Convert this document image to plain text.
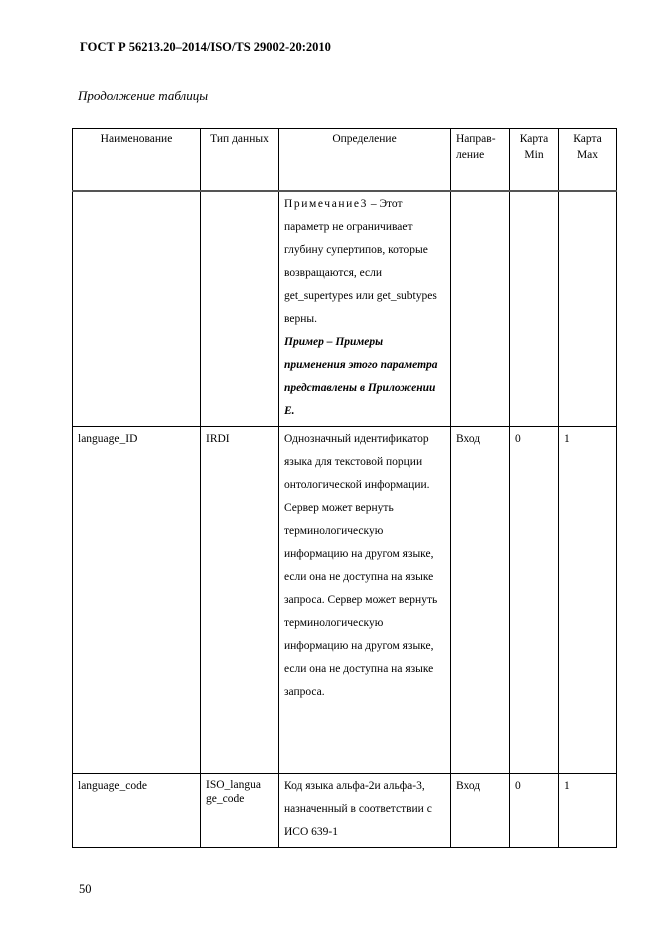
ГОСТ Р 56213.20–2014/ISO/TS 29002-20:2010
Продолжение таблицы
Наименование	Тип данных	Определение	Направ-ление	Карта Min	Карта Max
		Примечание3 – Этот параметр не ограничивает глубину супертипов, которые возвращаются, если get_supertypes или get_subtypes верны.
Пример – Примеры применения этого параметра представлены в Приложении Е.			

language_ID	IRDI	Однозначный идентификатор языка для текстовой порции онтологической информации. Сервер может вернуть терминологическую информацию на другом языке, если она не доступна на языке запроса. Сервер может вернуть терминологическую информацию на другом языке, если она не доступна на языке запроса.	Вход	0	1
language_code	ISO_langua ge_code	Код языка альфа-2и альфа-3, назначенный в соответствии с ИСО 639-1	Вход	0	1
50
